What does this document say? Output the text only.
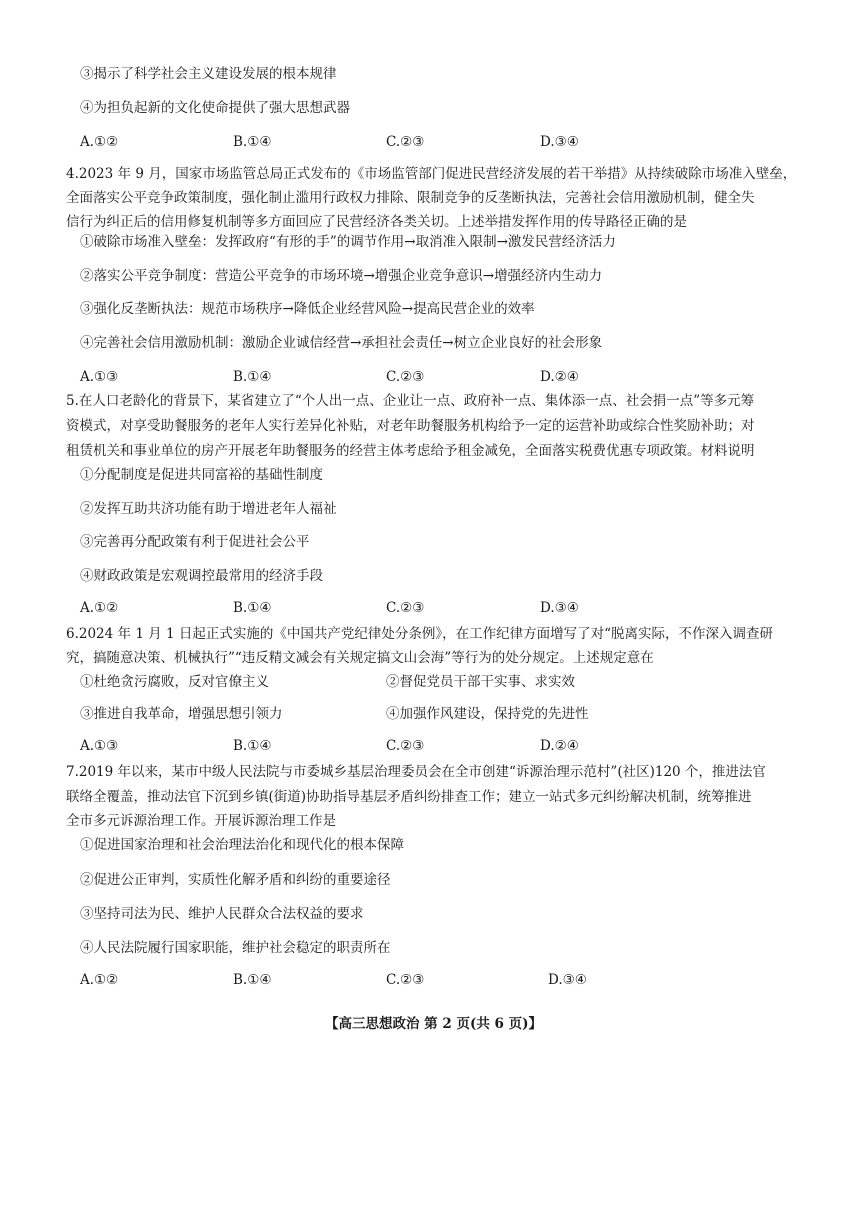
③揭示了科学社会主义建设发展的根本规律
④为担负起新的文化使命提供了强大思想武器
A.①②	B.①④	C.②③	D.③④
4.2023 年 9 月，国家市场监管总局正式发布的《市场监管部门促进民营经济发展的若干举措》从持续破除市场准入壁垒，
全面落实公平竞争政策制度，强化制止滥用行政权力排除、限制竞争的反垄断执法，完善社会信用激励机制，健全失
信行为纠正后的信用修复机制等多方面回应了民营经济各类关切。上述举措发挥作用的传导路径正确的是
①破除市场准入壁垒：发挥政府“有形的手”的调节作用→取消准入限制→激发民营经济活力
②落实公平竞争制度：营造公平竞争的市场环境→增强企业竞争意识→增强经济内生动力
③强化反垄断执法：规范市场秩序→降低企业经营风险→提高民营企业的效率
④完善社会信用激励机制：激励企业诚信经营→承担社会责任→树立企业良好的社会形象
A.①③	B.①④	C.②③	D.②④
5.在人口老龄化的背景下，某省建立了“个人出一点、企业让一点、政府补一点、集体添一点、社会捐一点”等多元筹
资模式，对享受助餐服务的老年人实行差异化补贴，对老年助餐服务机构给予一定的运营补助或综合性奖励补助；对
租赁机关和事业单位的房产开展老年助餐服务的经营主体考虑给予租金减免，全面落实税费优惠专项政策。材料说明
①分配制度是促进共同富裕的基础性制度
②发挥互助共济功能有助于增进老年人福祉
③完善再分配政策有利于促进社会公平
④财政政策是宏观调控最常用的经济手段
A.①②	B.①④	C.②③	D.③④
6.2024 年 1 月 1 日起正式实施的《中国共产党纪律处分条例》，在工作纪律方面增写了对“脱离实际，不作深入调查研
究，搞随意决策、机械执行”“违反精文减会有关规定搞文山会海”等行为的处分规定。上述规定意在
①杜绝贪污腐败，反对官僚主义	②督促党员干部干实事、求实效
③推进自我革命，增强思想引领力	④加强作风建设，保持党的先进性
A.①③	B.①④	C.②③	D.②④
7.2019 年以来，某市中级人民法院与市委城乡基层治理委员会在全市创建“诉源治理示范村”(社区)120 个，推进法官
联络全覆盖，推动法官下沉到乡镇(街道)协助指导基层矛盾纠纷排查工作；建立一站式多元纠纷解决机制，统筹推进
全市多元诉源治理工作。开展诉源治理工作是
①促进国家治理和社会治理法治化和现代化的根本保障
②促进公正审判，实质性化解矛盾和纠纷的重要途径
③坚持司法为民、维护人民群众合法权益的要求
④人民法院履行国家职能，维护社会稳定的职责所在
A.①②	B.①④	C.②③	D.③④
【高三思想政治 第 2 页(共 6 页)】
